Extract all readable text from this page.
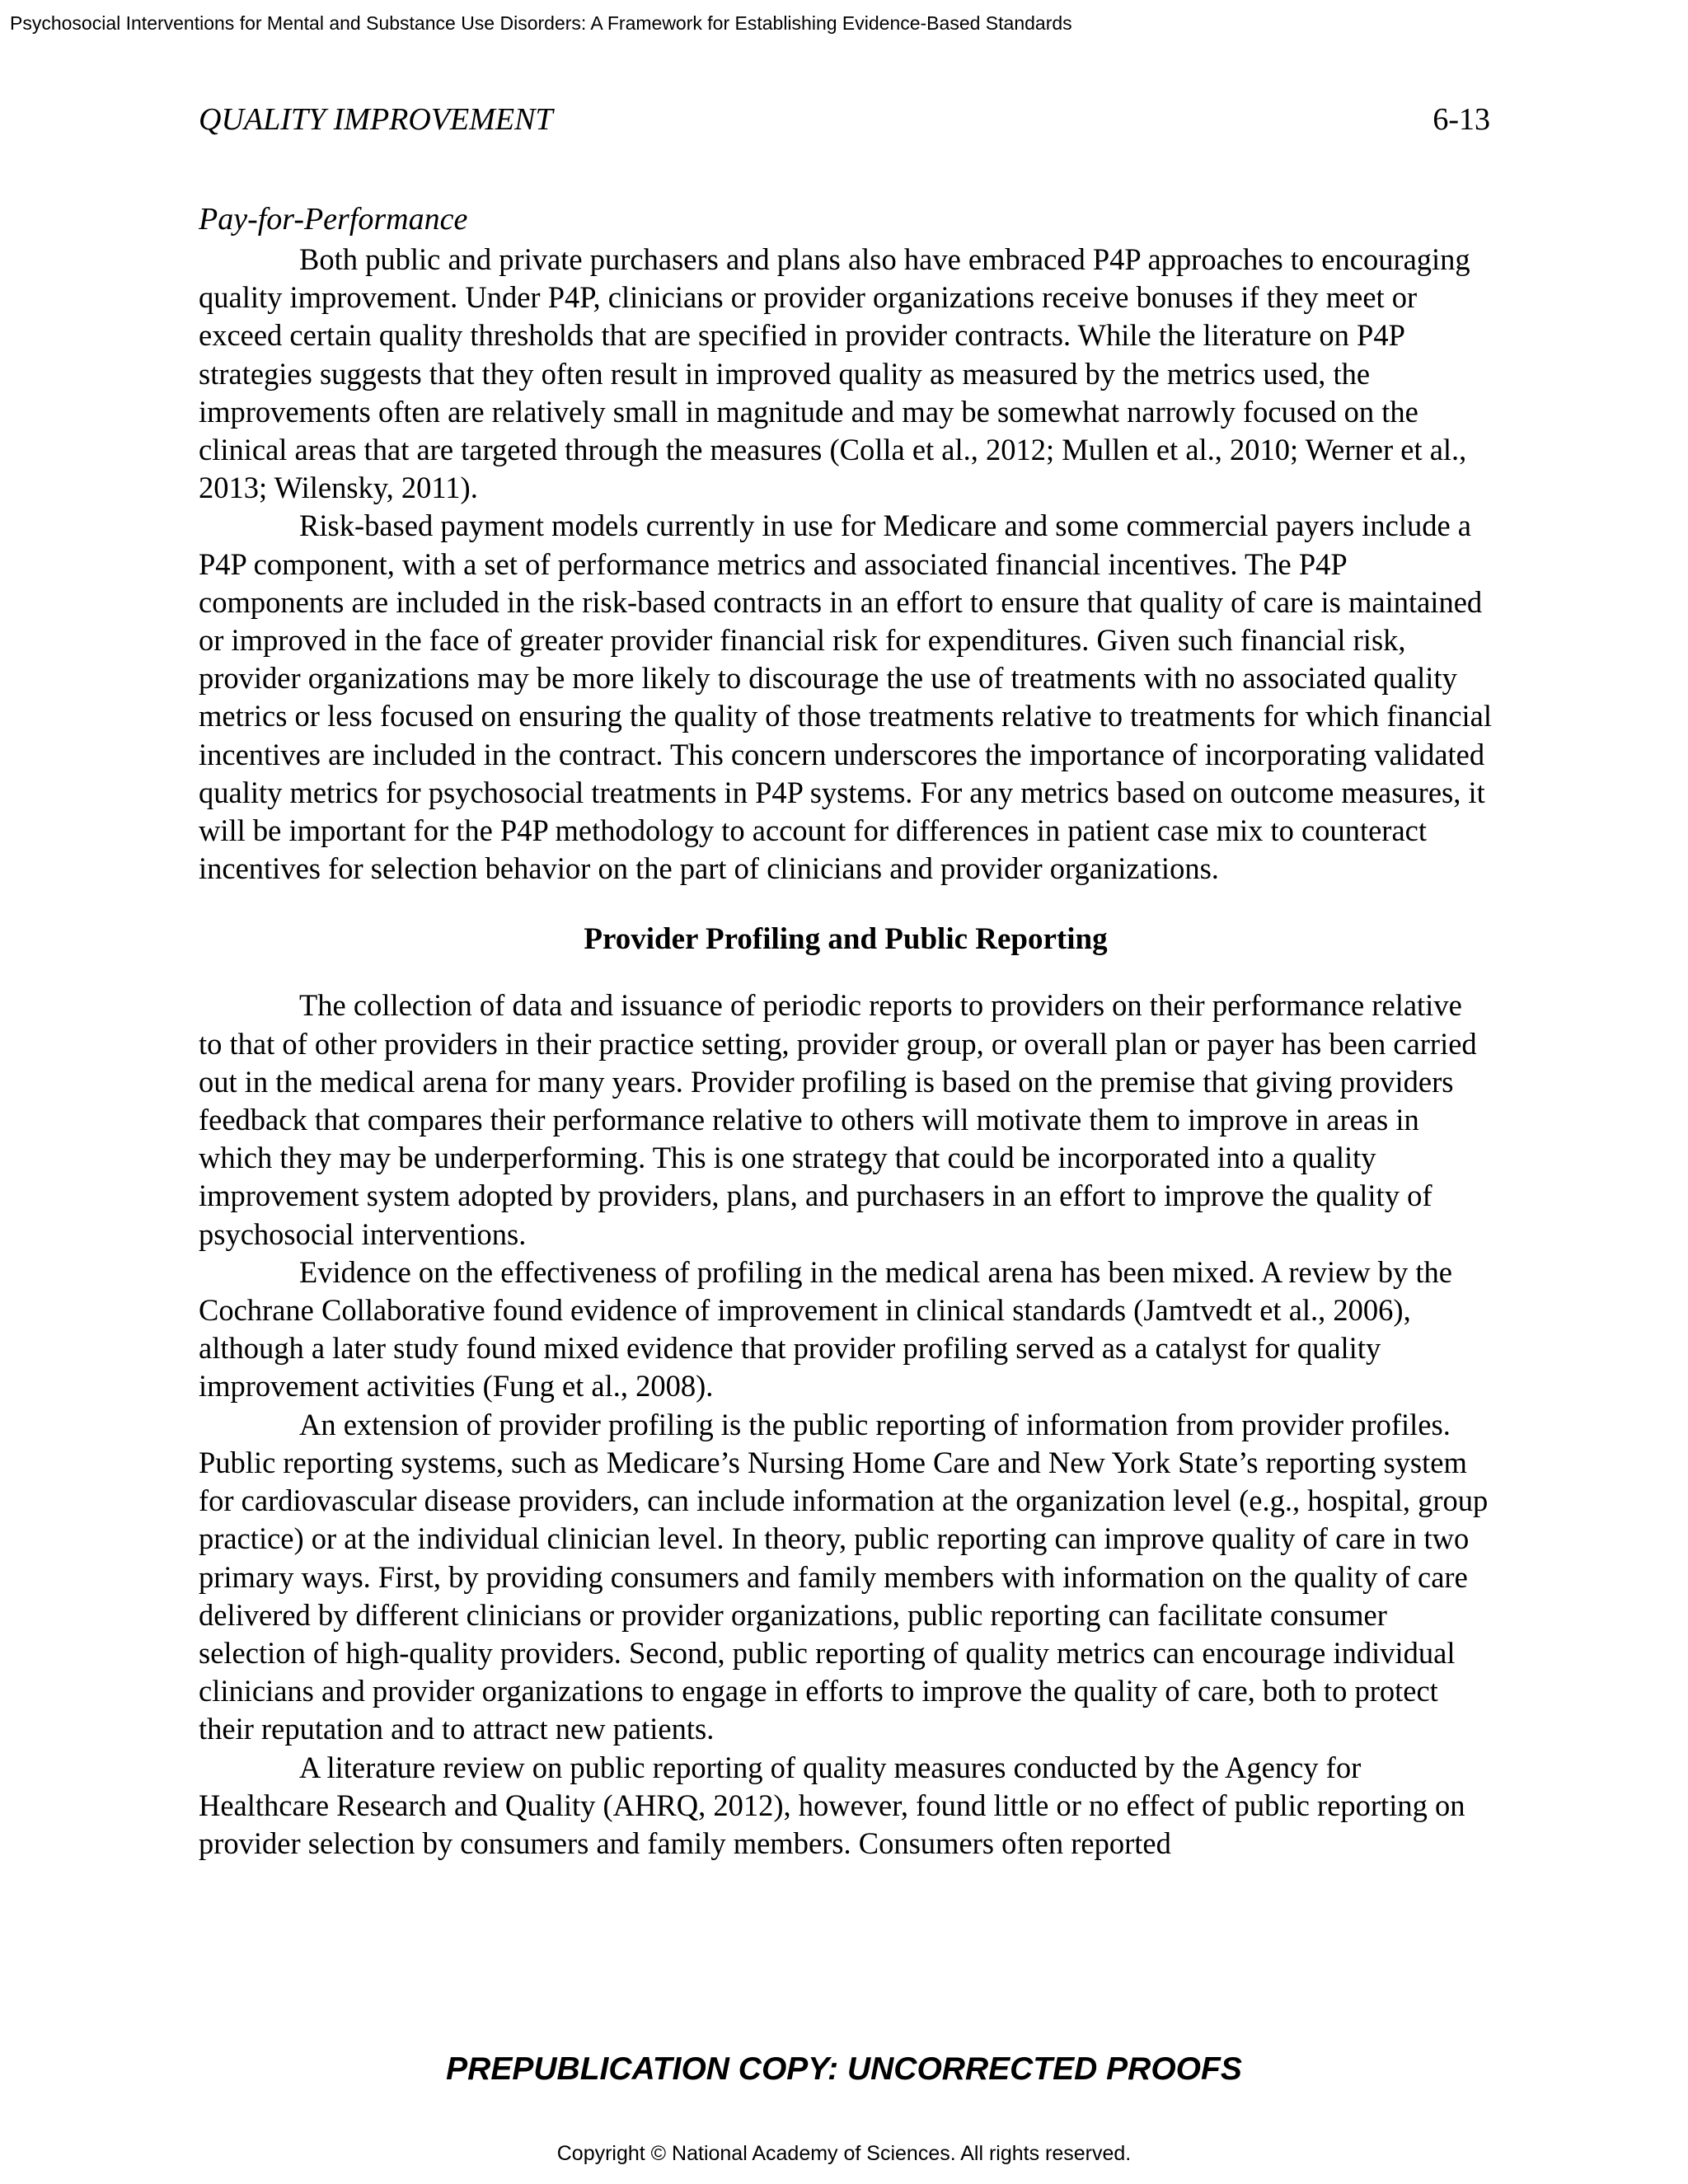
Psychosocial Interventions for Mental and Substance Use Disorders: A Framework for Establishing Evidence-Based Standards
QUALITY IMPROVEMENT	6-13
Pay-for-Performance

Both public and private purchasers and plans also have embraced P4P approaches to encouraging quality improvement. Under P4P, clinicians or provider organizations receive bonuses if they meet or exceed certain quality thresholds that are specified in provider contracts. While the literature on P4P strategies suggests that they often result in improved quality as measured by the metrics used, the improvements often are relatively small in magnitude and may be somewhat narrowly focused on the clinical areas that are targeted through the measures (Colla et al., 2012; Mullen et al., 2010; Werner et al., 2013; Wilensky, 2011).

Risk-based payment models currently in use for Medicare and some commercial payers include a P4P component, with a set of performance metrics and associated financial incentives. The P4P components are included in the risk-based contracts in an effort to ensure that quality of care is maintained or improved in the face of greater provider financial risk for expenditures. Given such financial risk, provider organizations may be more likely to discourage the use of treatments with no associated quality metrics or less focused on ensuring the quality of those treatments relative to treatments for which financial incentives are included in the contract. This concern underscores the importance of incorporating validated quality metrics for psychosocial treatments in P4P systems. For any metrics based on outcome measures, it will be important for the P4P methodology to account for differences in patient case mix to counteract incentives for selection behavior on the part of clinicians and provider organizations.

Provider Profiling and Public Reporting

The collection of data and issuance of periodic reports to providers on their performance relative to that of other providers in their practice setting, provider group, or overall plan or payer has been carried out in the medical arena for many years. Provider profiling is based on the premise that giving providers feedback that compares their performance relative to others will motivate them to improve in areas in which they may be underperforming. This is one strategy that could be incorporated into a quality improvement system adopted by providers, plans, and purchasers in an effort to improve the quality of psychosocial interventions.

Evidence on the effectiveness of profiling in the medical arena has been mixed. A review by the Cochrane Collaborative found evidence of improvement in clinical standards (Jamtvedt et al., 2006), although a later study found mixed evidence that provider profiling served as a catalyst for quality improvement activities (Fung et al., 2008).

An extension of provider profiling is the public reporting of information from provider profiles. Public reporting systems, such as Medicare’s Nursing Home Care and New York State’s reporting system for cardiovascular disease providers, can include information at the organization level (e.g., hospital, group practice) or at the individual clinician level. In theory, public reporting can improve quality of care in two primary ways. First, by providing consumers and family members with information on the quality of care delivered by different clinicians or provider organizations, public reporting can facilitate consumer selection of high-quality providers. Second, public reporting of quality metrics can encourage individual clinicians and provider organizations to engage in efforts to improve the quality of care, both to protect their reputation and to attract new patients.

A literature review on public reporting of quality measures conducted by the Agency for Healthcare Research and Quality (AHRQ, 2012), however, found little or no effect of public reporting on provider selection by consumers and family members. Consumers often reported

PREPUBLICATION COPY: UNCORRECTED PROOFS
Copyright © National Academy of Sciences. All rights reserved.
